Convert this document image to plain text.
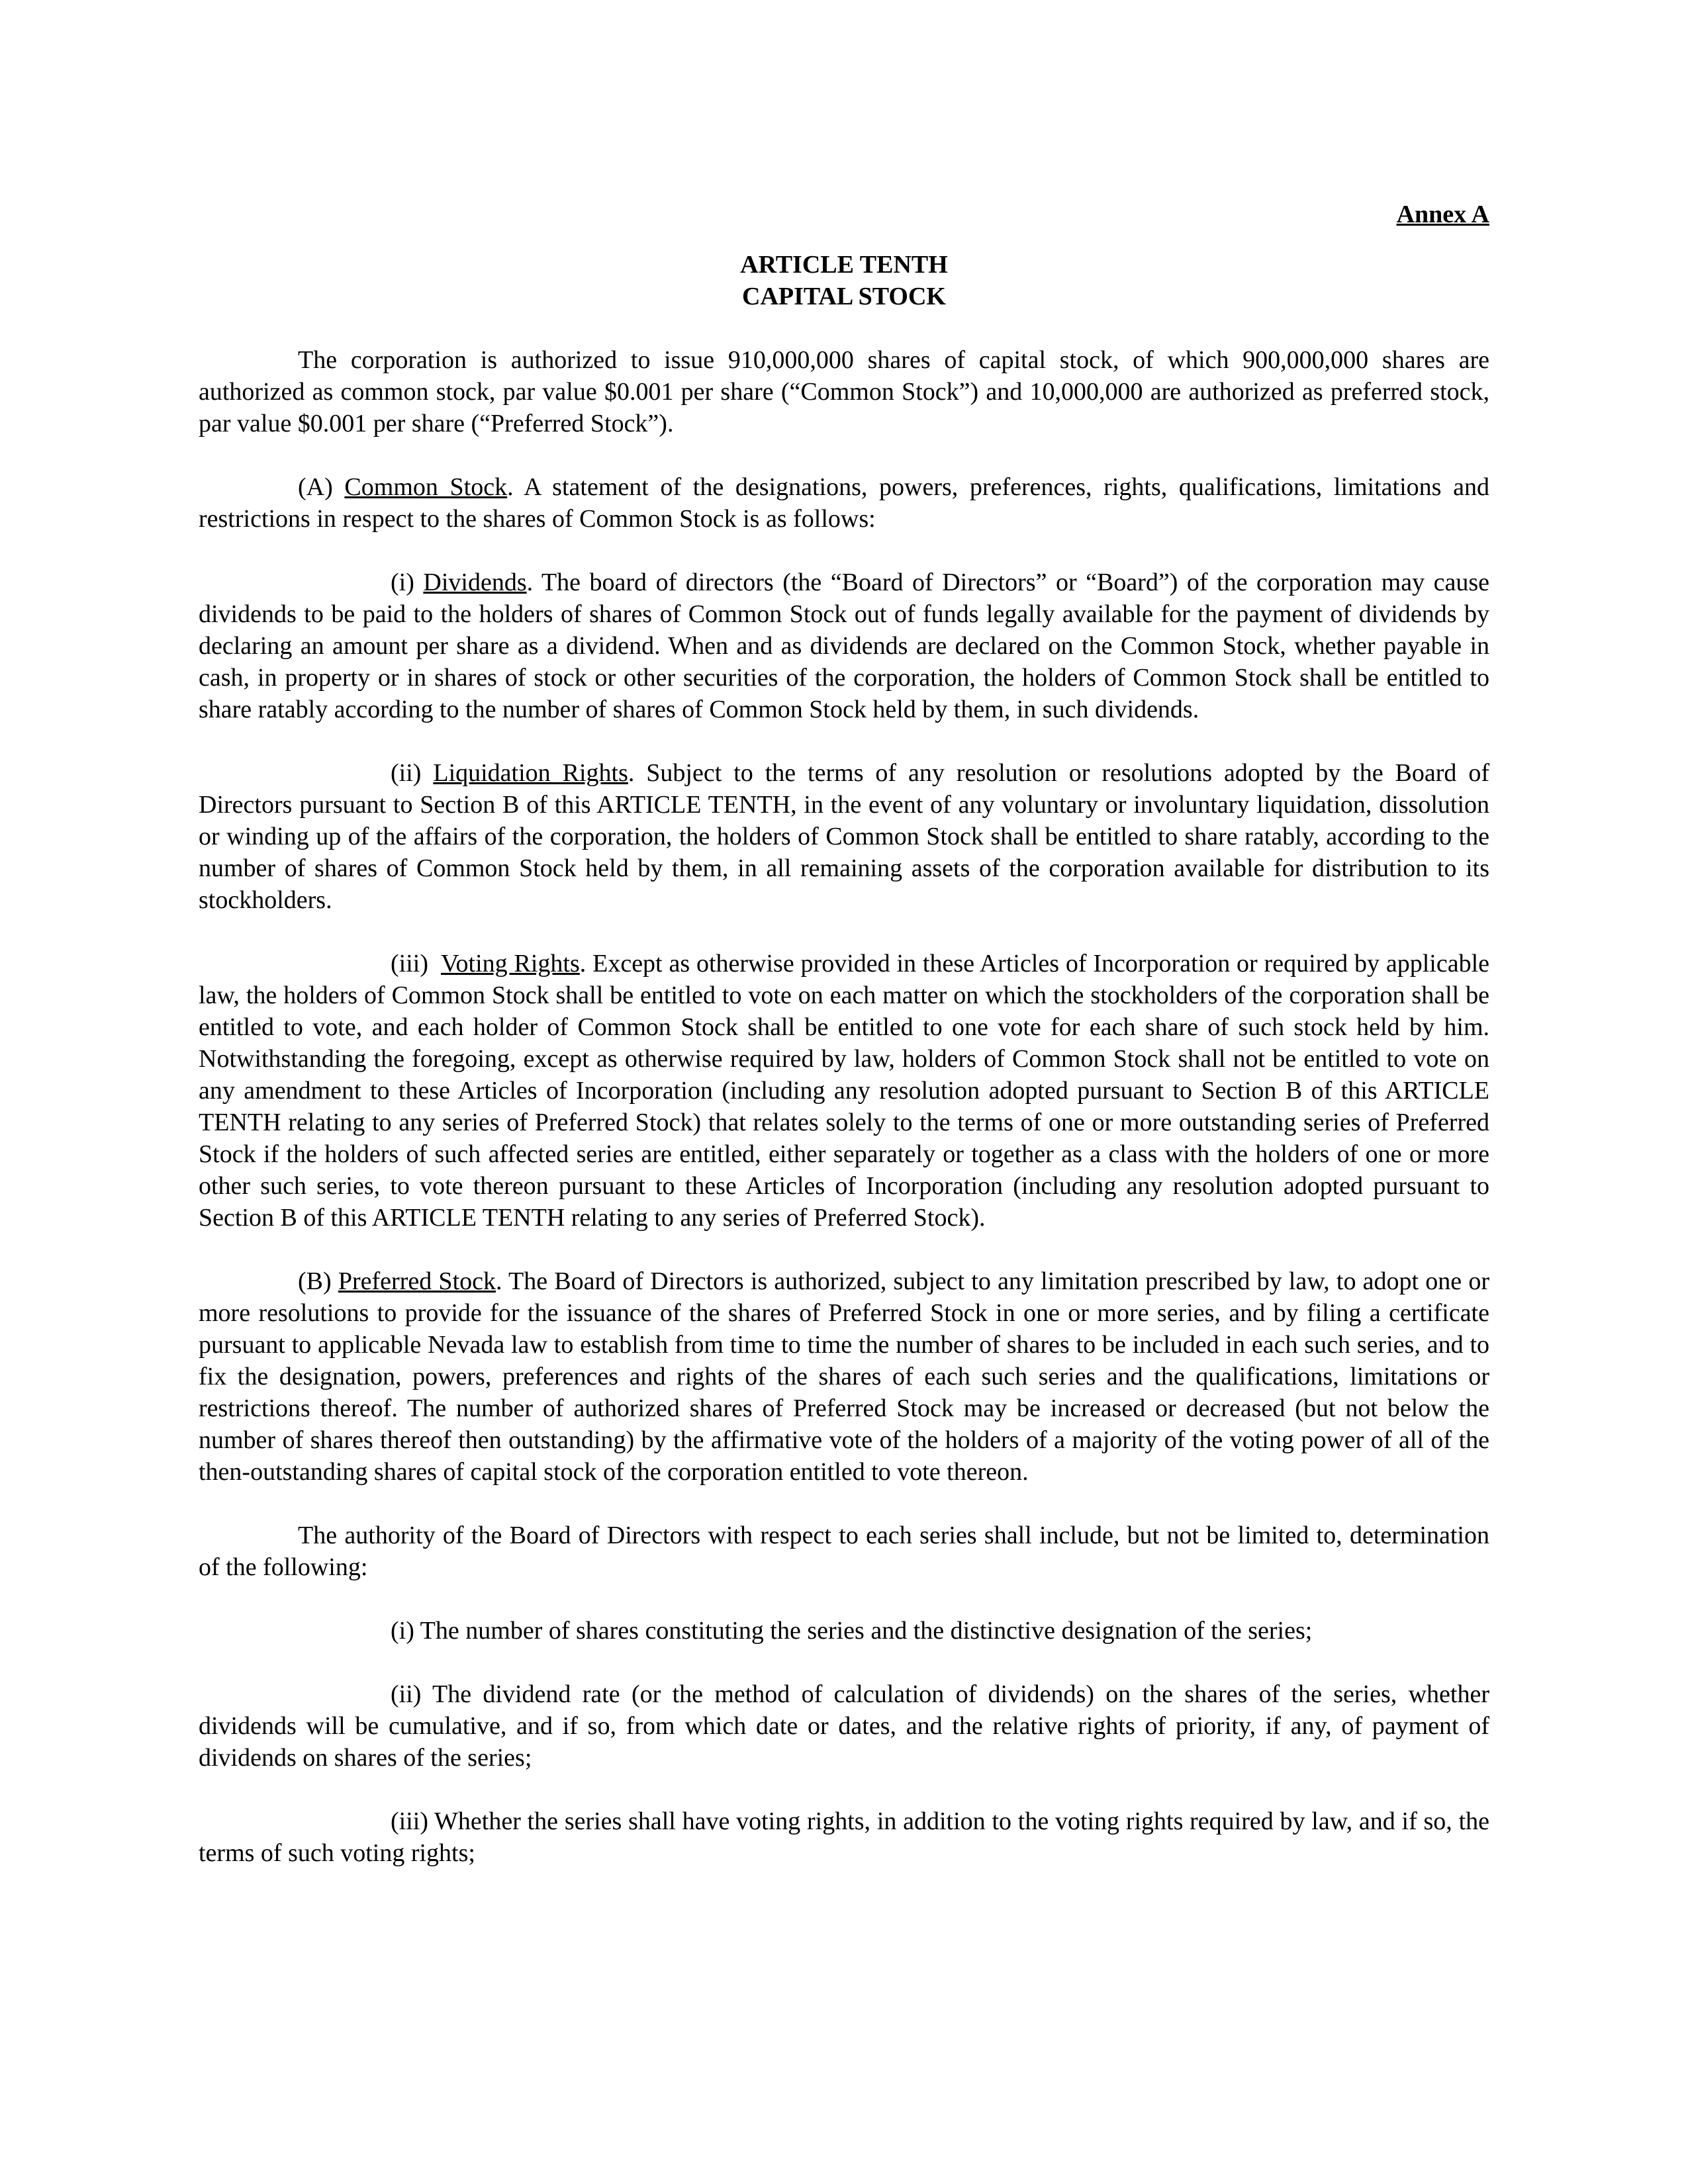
Annex A

ARTICLE TENTH

CAPITAL STOCK

The corporation is authorized to issue 910,000,000 shares of capital stock, of which 900,000,000 shares are authorized as common stock, par value $0.001 per share (“Common Stock”) and 10,000,000 are authorized as preferred stock, par value $0.001 per share (“Preferred Stock”).

(A) Common Stock. A statement of the designations, powers, preferences, rights, qualifications, limitations and restrictions in respect to the shares of Common Stock is as follows:

(i) Dividends. The board of directors (the “Board of Directors” or “Board”) of the corporation may cause dividends to be paid to the holders of shares of Common Stock out of funds legally available for the payment of dividends by declaring an amount per share as a dividend. When and as dividends are declared on the Common Stock, whether payable in cash, in property or in shares of stock or other securities of the corporation, the holders of Common Stock shall be entitled to share ratably according to the number of shares of Common Stock held by them, in such dividends.

(ii) Liquidation Rights. Subject to the terms of any resolution or resolutions adopted by the Board of Directors pursuant to Section B of this ARTICLE TENTH, in the event of any voluntary or involuntary liquidation, dissolution or winding up of the affairs of the corporation, the holders of Common Stock shall be entitled to share ratably, according to the number of shares of Common Stock held by them, in all remaining assets of the corporation available for distribution to its stockholders.

(iii)  Voting Rights. Except as otherwise provided in these Articles of Incorporation or required by applicable law, the holders of Common Stock shall be entitled to vote on each matter on which the stockholders of the corporation shall be entitled to vote, and each holder of Common Stock shall be entitled to one vote for each share of such stock held by him. Notwithstanding the foregoing, except as otherwise required by law, holders of Common Stock shall not be entitled to vote on any amendment to these Articles of Incorporation (including any resolution adopted pursuant to Section B of this ARTICLE TENTH relating to any series of Preferred Stock) that relates solely to the terms of one or more outstanding series of Preferred Stock if the holders of such affected series are entitled, either separately or together as a class with the holders of one or more other such series, to vote thereon pursuant to these Articles of Incorporation (including any resolution adopted pursuant to Section B of this ARTICLE TENTH relating to any series of Preferred Stock).

(B) Preferred Stock. The Board of Directors is authorized, subject to any limitation prescribed by law, to adopt one or more resolutions to provide for the issuance of the shares of Preferred Stock in one or more series, and by filing a certificate pursuant to applicable Nevada law to establish from time to time the number of shares to be included in each such series, and to fix the designation, powers, preferences and rights of the shares of each such series and the qualifications, limitations or restrictions thereof. The number of authorized shares of Preferred Stock may be increased or decreased (but not below the number of shares thereof then outstanding) by the affirmative vote of the holders of a majority of the voting power of all of the then-outstanding shares of capital stock of the corporation entitled to vote thereon.

The authority of the Board of Directors with respect to each series shall include, but not be limited to, determination of the following:

(i) The number of shares constituting the series and the distinctive designation of the series;

(ii) The dividend rate (or the method of calculation of dividends) on the shares of the series, whether dividends will be cumulative, and if so, from which date or dates, and the relative rights of priority, if any, of payment of dividends on shares of the series;

(iii) Whether the series shall have voting rights, in addition to the voting rights required by law, and if so, the terms of such voting rights;
